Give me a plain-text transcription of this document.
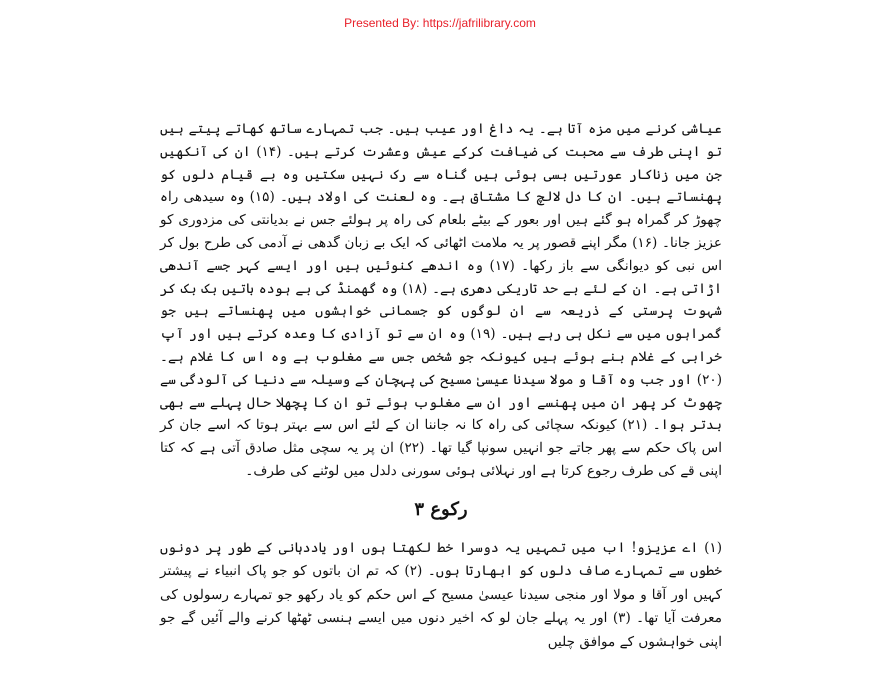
Presented By: https://jafrilibrary.com

عیاشی کرنے میں مزہ آتا ہے۔ یہ داغ اور عیب ہیں۔ جب تمہارے ساتھ کھاتے پیتے ہیں تو اپنی طرف سے محبت کی ضیافت کرکے عیش وعشرت کرتے ہیں۔ (۱۴) ان کی آنکھیں جن میں زناکار عورتیں بسی ہوئی ہیں گناہ سے رک نہیں سکتیں وہ بے قیام دلوں کو پھنساتے ہیں۔ ان کا دل لالچ کا مشتاق ہے۔ وہ لعنت کی اولاد ہیں۔ (۱۵) وہ سیدھی راہ چھوڑ کر گمراہ ہو گئے ہیں اور بعور کے بیٹے بلعام کی راہ پر ہولئے جس نے بدیانتی کی مزدوری کو عزیز جانا۔ (۱۶) مگر اپنے قصور پر یہ ملامت اٹھائی کہ ایک بے زبان گدھی نے آدمی کی طرح بول کر اس نبی کو دیوانگی سے باز رکھا۔ (۱۷) وہ اندھے کنوئیں ہیں اور ایسے کہر جسے آندھی اڑاتی ہے۔ ان کے لئے بے حد تاریکی دھری ہے۔ (۱۸) وہ گھمنڈ کی بے ہودہ باتیں بک بک کر شہوت پرستی کے ذریعہ سے ان لوگوں کو جسمانی خواہشوں میں پھنساتے ہیں جو گمراہوں میں سے نکل ہی رہے ہیں۔ (۱۹) وہ ان سے تو آزادی کا وعدہ کرتے ہیں اور آپ خرابی کے غلام بنے ہوئے ہیں کیونکہ جو شخص جس سے مغلوب ہے وہ اس کا غلام ہے۔ (۲۰) اور جب وہ آقا و مولا سیدنا عیسیٰ مسیح کی پہچان کے وسیلہ سے دنیا کی آلودگی سے چھوٹ کر پھر ان میں پھنسے اور ان سے مغلوب ہوئے تو ان کا پچھلا حال پہلے سے بھی بدتر ہوا۔ (۲۱) کیونکہ سچائی کی راہ کا نہ جاننا ان کے لئے اس سے بہتر ہوتا کہ اسے جان کر اس پاک حکم سے پھر جاتے جو انہیں سونپا گیا تھا۔ (۲۲) ان پر یہ سچی مثل صادق آتی ہے کہ کتا اپنی قے کی طرف رجوع کرتا ہے اور نہلائی ہوئی سورنی دلدل میں لوٹنے کی طرف۔

رکوع ۳

(۱) اے عزیزو! اب میں تمہیں یہ دوسرا خط لکھتا ہوں اور یاددہانی کے طور پر دونوں خطوں سے تمہارے صاف دلوں کو ابھارتا ہوں۔ (۲) کہ تم ان باتوں کو جو پاک انبیاء نے پیشتر کہیں اور آقا و مولا اور منجی سیدنا عیسیٰ مسیح کے اس حکم کو یاد رکھو جو تمہارے رسولوں کی معرفت آیا تھا۔ (۳) اور یہ پہلے جان لو کہ اخیر دنوں میں ایسے ہنسی ٹھٹھا کرنے والے آئیں گے جو اپنی خواہشوں کے موافق چلیں
